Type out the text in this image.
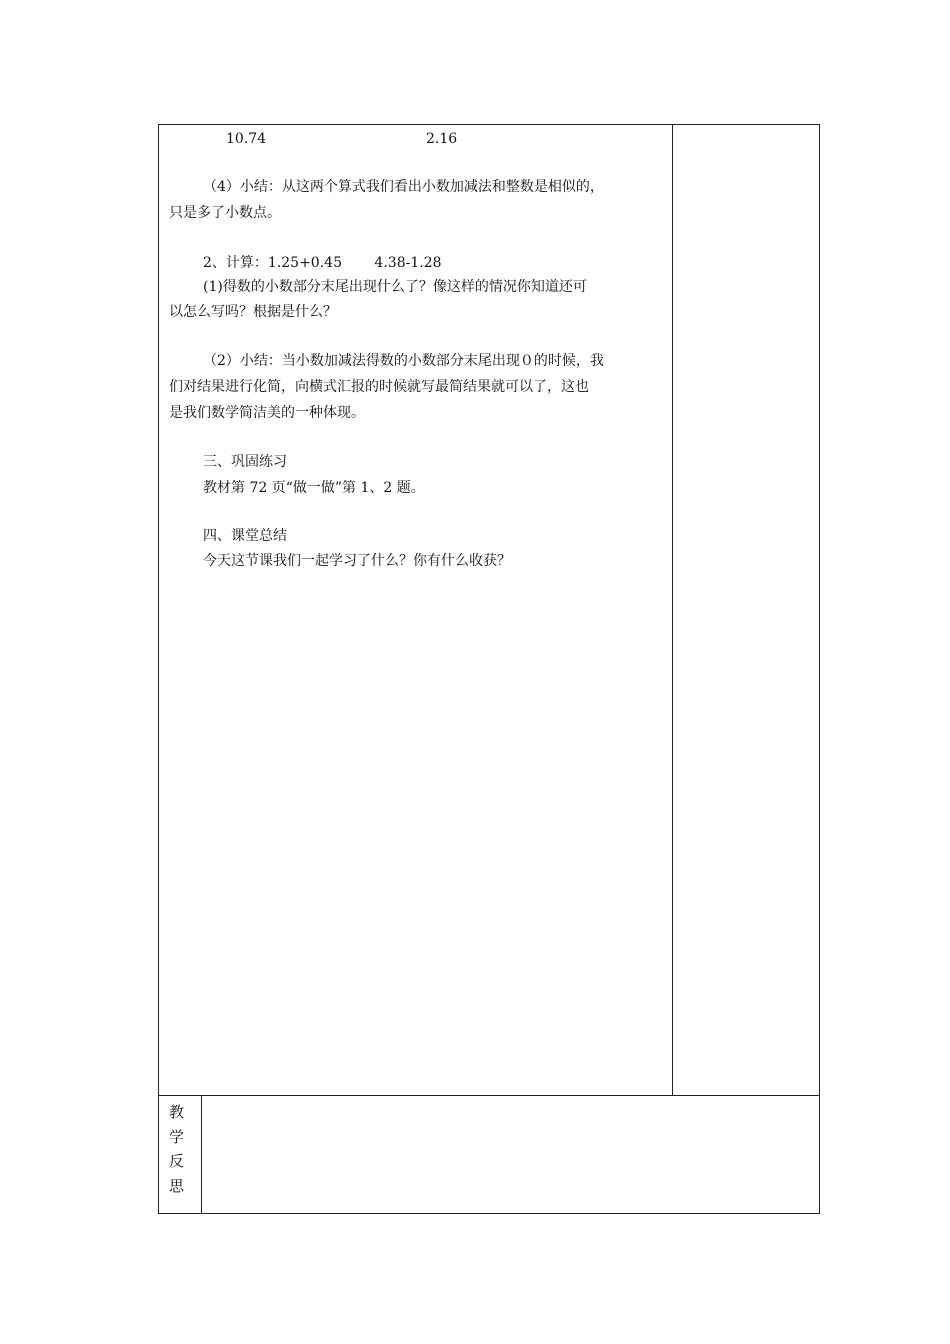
10.74	2.16
（4）小结：从这两个算式我们看出小数加减法和整数是相似的，
只是多了小数点。
2、计算：1.25+0.45　　 4.38-1.28
(1)得数的小数部分末尾出现什么了？像这样的情况你知道还可
以怎么写吗？根据是什么？
（2）小结：当小数加减法得数的小数部分末尾出现０的时候，我
们对结果进行化简，向横式汇报的时候就写最简结果就可以了，这也
是我们数学简洁美的一种体现。
三、巩固练习
教材第 72 页“做一做”第 1、2 题。
四、课堂总结
今天这节课我们一起学习了什么？你有什么收获？
教
学
反
思
